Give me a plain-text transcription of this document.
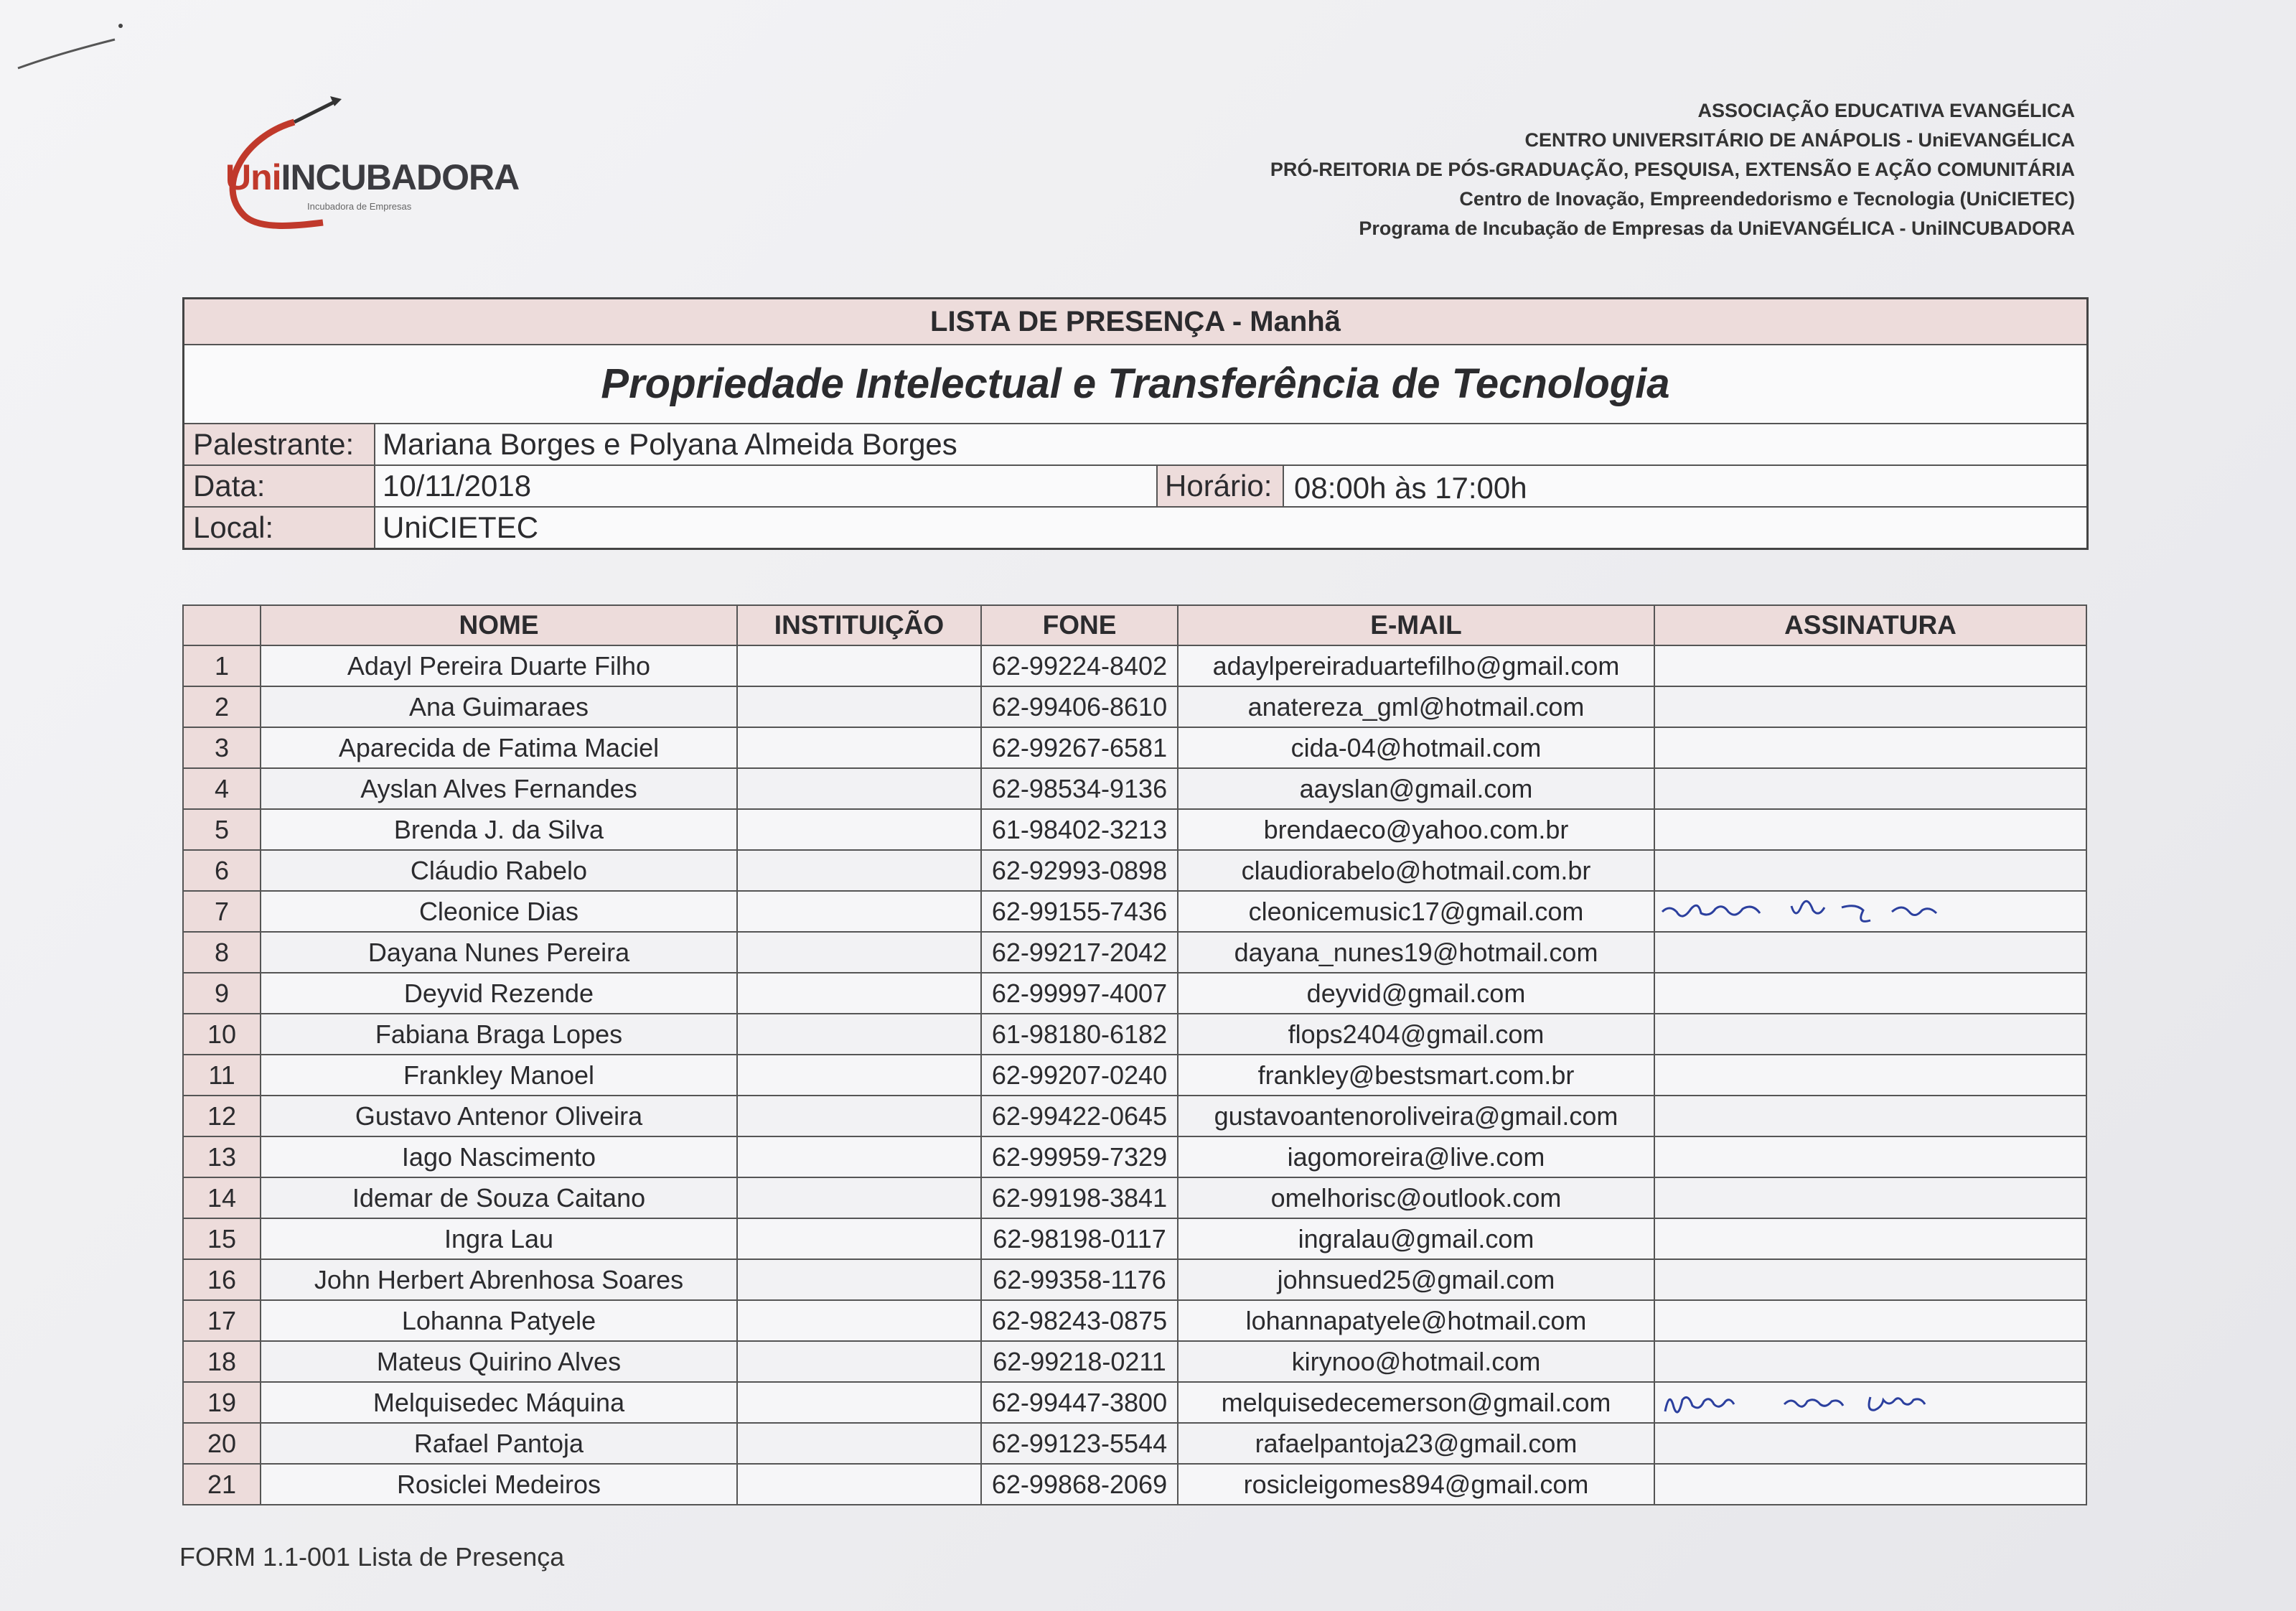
UniINCUBADORA
Incubadora de Empresas
ASSOCIAÇÃO EDUCATIVA EVANGÉLICA
CENTRO UNIVERSITÁRIO DE ANÁPOLIS - UniEVANGÉLICA
PRÓ-REITORIA DE PÓS-GRADUAÇÃO, PESQUISA, EXTENSÃO E AÇÃO COMUNITÁRIA
Centro de Inovação, Empreendedorismo e Tecnologia (UniCIETEC)
Programa de Incubação de Empresas da UniEVANGÉLICA - UniINCUBADORA
LISTA DE PRESENÇA - Manhã
Propriedade Intelectual e Transferência de Tecnologia
Palestrante: Mariana Borges e Polyana Almeida Borges
Data:	10/11/2018	Horário: 08:00h às 17:00h
Local:	UniCIETEC
	NOME	INSTITUIÇÃO	FONE	E-MAIL	ASSINATURA
1	Adayl Pereira Duarte Filho		62-99224-8402	adaylpereiraduartefilho@gmail.com	
2	Ana Guimaraes		62-99406-8610	anatereza_gml@hotmail.com	
3	Aparecida de Fatima Maciel		62-99267-6581	cida-04@hotmail.com	
4	Ayslan Alves Fernandes		62-98534-9136	aayslan@gmail.com	
5	Brenda J. da Silva		61-98402-3213	brendaeco@yahoo.com.br	
6	Cláudio Rabelo		62-92993-0898	claudiorabelo@hotmail.com.br	
7	Cleonice Dias		62-99155-7436	cleonicemusic17@gmail.com	

8	Dayana Nunes Pereira		62-99217-2042	dayana_nunes19@hotmail.com	
9	Deyvid Rezende		62-99997-4007	deyvid@gmail.com	
10	Fabiana Braga Lopes		61-98180-6182	flops2404@gmail.com	
11	Frankley Manoel		62-99207-0240	frankley@bestsmart.com.br	
12	Gustavo Antenor Oliveira		62-99422-0645	gustavoantenoroliveira@gmail.com	
13	Iago Nascimento		62-99959-7329	iagomoreira@live.com	
14	Idemar de Souza Caitano		62-99198-3841	omelhorisc@outlook.com	
15	Ingra Lau		62-98198-0117	ingralau@gmail.com	
16	John Herbert Abrenhosa Soares		62-99358-1176	johnsued25@gmail.com	
17	Lohanna Patyele		62-98243-0875	lohannapatyele@hotmail.com	
18	Mateus Quirino Alves		62-99218-0211	kirynoo@hotmail.com	
19	Melquisedec Máquina		62-99447-3800	melquisedecemerson@gmail.com	

20	Rafael Pantoja		62-99123-5544	rafaelpantoja23@gmail.com	
21	Rosiclei Medeiros		62-99868-2069	rosicleigomes894@gmail.com	
FORM 1.1-001 Lista de Presença
